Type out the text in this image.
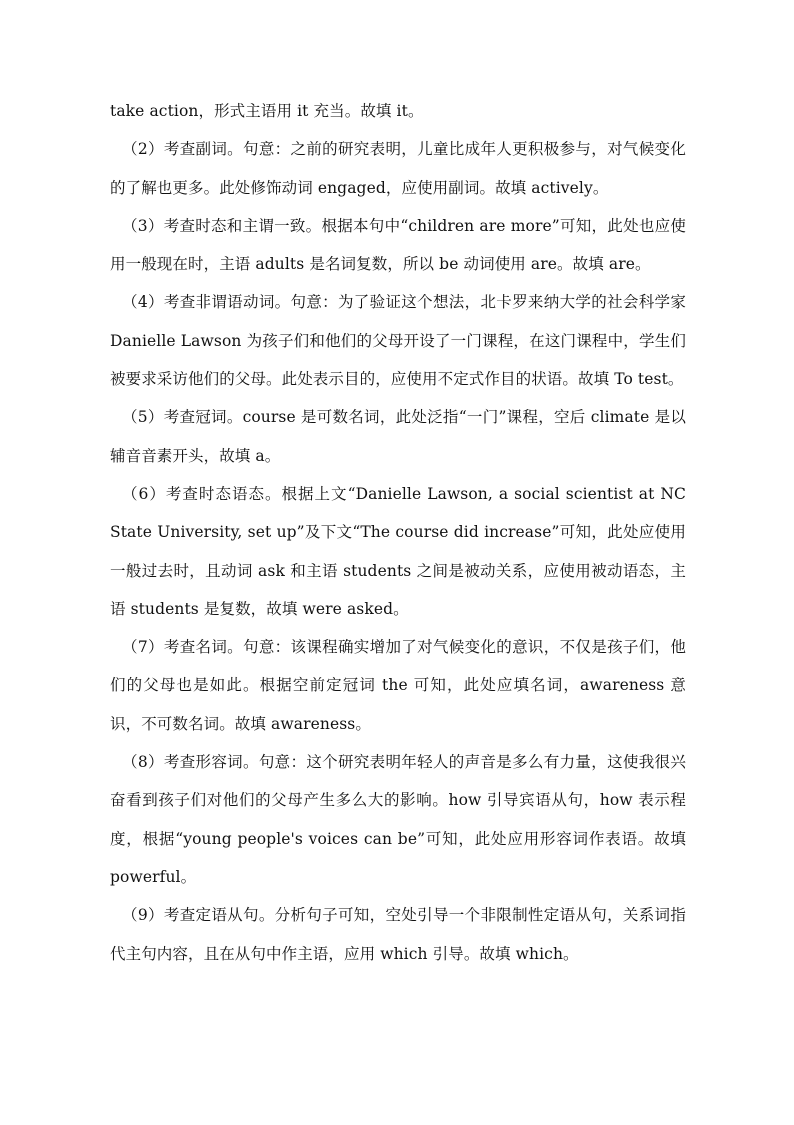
take action，形式主语用 it 充当。故填 it。

（2）考查副词。句意：之前的研究表明，儿童比成年人更积极参与，对气候变化的了解也更多。此处修饰动词 engaged，应使用副词。故填 actively。

（3）考查时态和主谓一致。根据本句中“children are more”可知，此处也应使用一般现在时，主语 adults 是名词复数，所以 be 动词使用 are。故填 are。

（4）考查非谓语动词。句意：为了验证这个想法，北卡罗来纳大学的社会科学家 Danielle Lawson 为孩子们和他们的父母开设了一门课程，在这门课程中，学生们被要求采访他们的父母。此处表示目的，应使用不定式作目的状语。故填 To test。

（5）考查冠词。course 是可数名词，此处泛指“一门”课程，空后 climate 是以辅音音素开头，故填 a。

（6）考查时态语态。根据上文“Danielle Lawson, a social scientist at NC State University, set up”及下文“The course did increase”可知，此处应使用一般过去时，且动词 ask 和主语 students 之间是被动关系，应使用被动语态，主语 students 是复数，故填 were asked。

（7）考查名词。句意：该课程确实增加了对气候变化的意识，不仅是孩子们，他们的父母也是如此。根据空前定冠词 the 可知，此处应填名词，awareness 意识，不可数名词。故填 awareness。

（8）考查形容词。句意：这个研究表明年轻人的声音是多么有力量，这使我很兴奋看到孩子们对他们的父母产生多么大的影响。how 引导宾语从句，how 表示程度，根据“young people's voices can be”可知，此处应用形容词作表语。故填 powerful。

（9）考查定语从句。分析句子可知，空处引导一个非限制性定语从句，关系词指代主句内容，且在从句中作主语，应用 which 引导。故填 which。
